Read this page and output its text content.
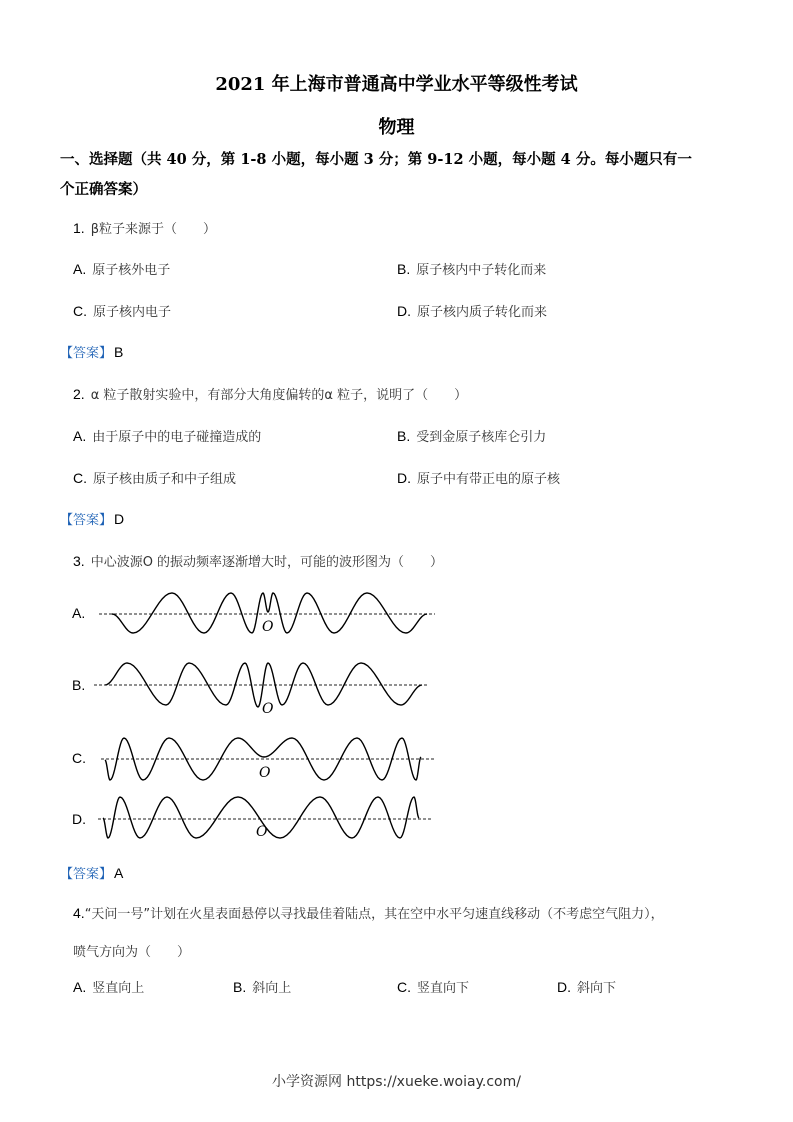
2021 年上海市普通高中学业水平等级性考试
物理
一、选择题（共 40 分，第 1-8 小题，每小题 3 分；第 9-12 小题，每小题 4 分。每小题只有一
个正确答案）
1. β粒子来源于（　　）
A. 原子核外电子	B. 原子核内中子转化而来
C. 原子核内电子	D. 原子核内质子转化而来
【答案】 B
2. α 粒子散射实验中，有部分大角度偏转的α 粒子，说明了（　　）
A. 由于原子中的电子碰撞造成的	B. 受到金原子核库仑引力
C. 原子核由质子和中子组成	D. 原子中有带正电的原子核
【答案】 D
3. 中心波源O 的振动频率逐渐增大时，可能的波形图为（　　）
A.
B.
C.
D.
O
O
O
O
【答案】 A
4.“天问一号”计划在火星表面悬停以寻找最佳着陆点，其在空中水平匀速直线移动（不考虑空气阻力），
喷气方向为（　　）
A. 竖直向上	B. 斜向上	C. 竖直向下	D. 斜向下
小学资源网 https://xueke.woiay.com/
